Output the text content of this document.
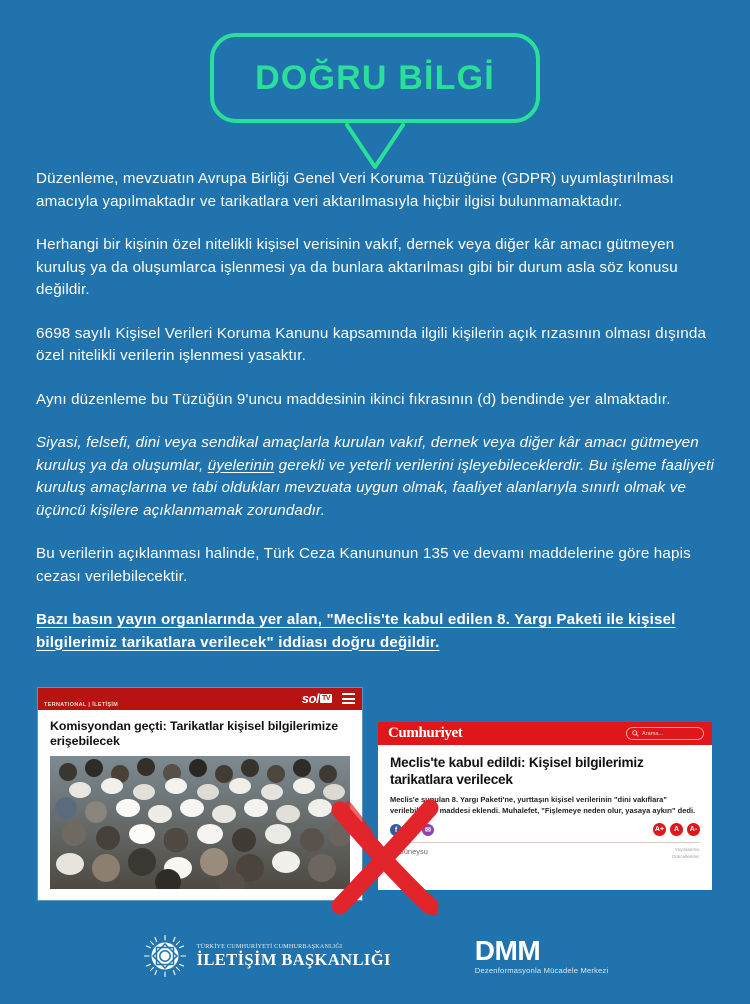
DOĞRU BİLGİ

Düzenleme, mevzuatın Avrupa Birliği Genel Veri Koruma Tüzüğüne (GDPR) uyumlaştırılması amacıyla yapılmaktadır ve tarikatlara veri aktarılmasıyla hiçbir ilgisi bulunmamaktadır.

Herhangi bir kişinin özel nitelikli kişisel verisinin vakıf, dernek veya diğer kâr amacı gütmeyen kuruluş ya da oluşumlarca işlenmesi ya da bunlara aktarılması gibi bir durum asla söz konusu değildir.

6698 sayılı Kişisel Verileri Koruma Kanunu kapsamında ilgili kişilerin açık rızasının olması dışında özel nitelikli verilerin işlenmesi yasaktır.

Aynı düzenleme bu Tüzüğün 9'uncu maddesinin ikinci fıkrasının (d) bendinde yer almaktadır.

Siyasi, felsefi, dini veya sendikal amaçlarla kurulan vakıf, dernek veya diğer kâr amacı gütmeyen kuruluş ya da oluşumlar, üyelerinin gerekli ve yeterli verilerini işleyebileceklerdir. Bu işleme faaliyeti kuruluş amaçlarına ve tabi oldukları mevzuata uygun olmak, faaliyet alanlarıyla sınırlı olmak ve üçüncü kişilere açıklanmamak zorundadır.

Bu verilerin açıklanması halinde, Türk Ceza Kanununun 135 ve devamı maddelerine göre hapis cezası verilebilecektir.

Bazı basın yayın organlarında yer alan, "Meclis'te kabul edilen 8. Yargı Paketi ile kişisel bilgilerimiz tarikatlara verilecek" iddiası doğru değildir.

TERNATIONAL | İLETİŞİM	sol TV
Komisyondan geçti: Tarikatlar kişisel bilgilerimize erişebilecek	Cumhuriyet	Arama...
Meclis'te kabul edildi: Kişisel bilgilerimiz tarikatlara verilecek
Meclis'e sunulan 8. Yargı Paketi'ne, yurttaşın kişisel verilerinin "dini vakıflara" verilebileceği maddesi eklendi. Muhalefet, "Fişlemeye neden olur, yasaya aykırı" dedi.
f	✆	✉	A+	A	A-
la Güneysu	Yayınlanma:
Güncellenme:
TÜRKİYE CUMHURİYETİ CUMHURBAŞKANLIĞI
İLETİŞİM BAŞKANLIĞI	DMM
Dezenformasyonla Mücadele Merkezi
